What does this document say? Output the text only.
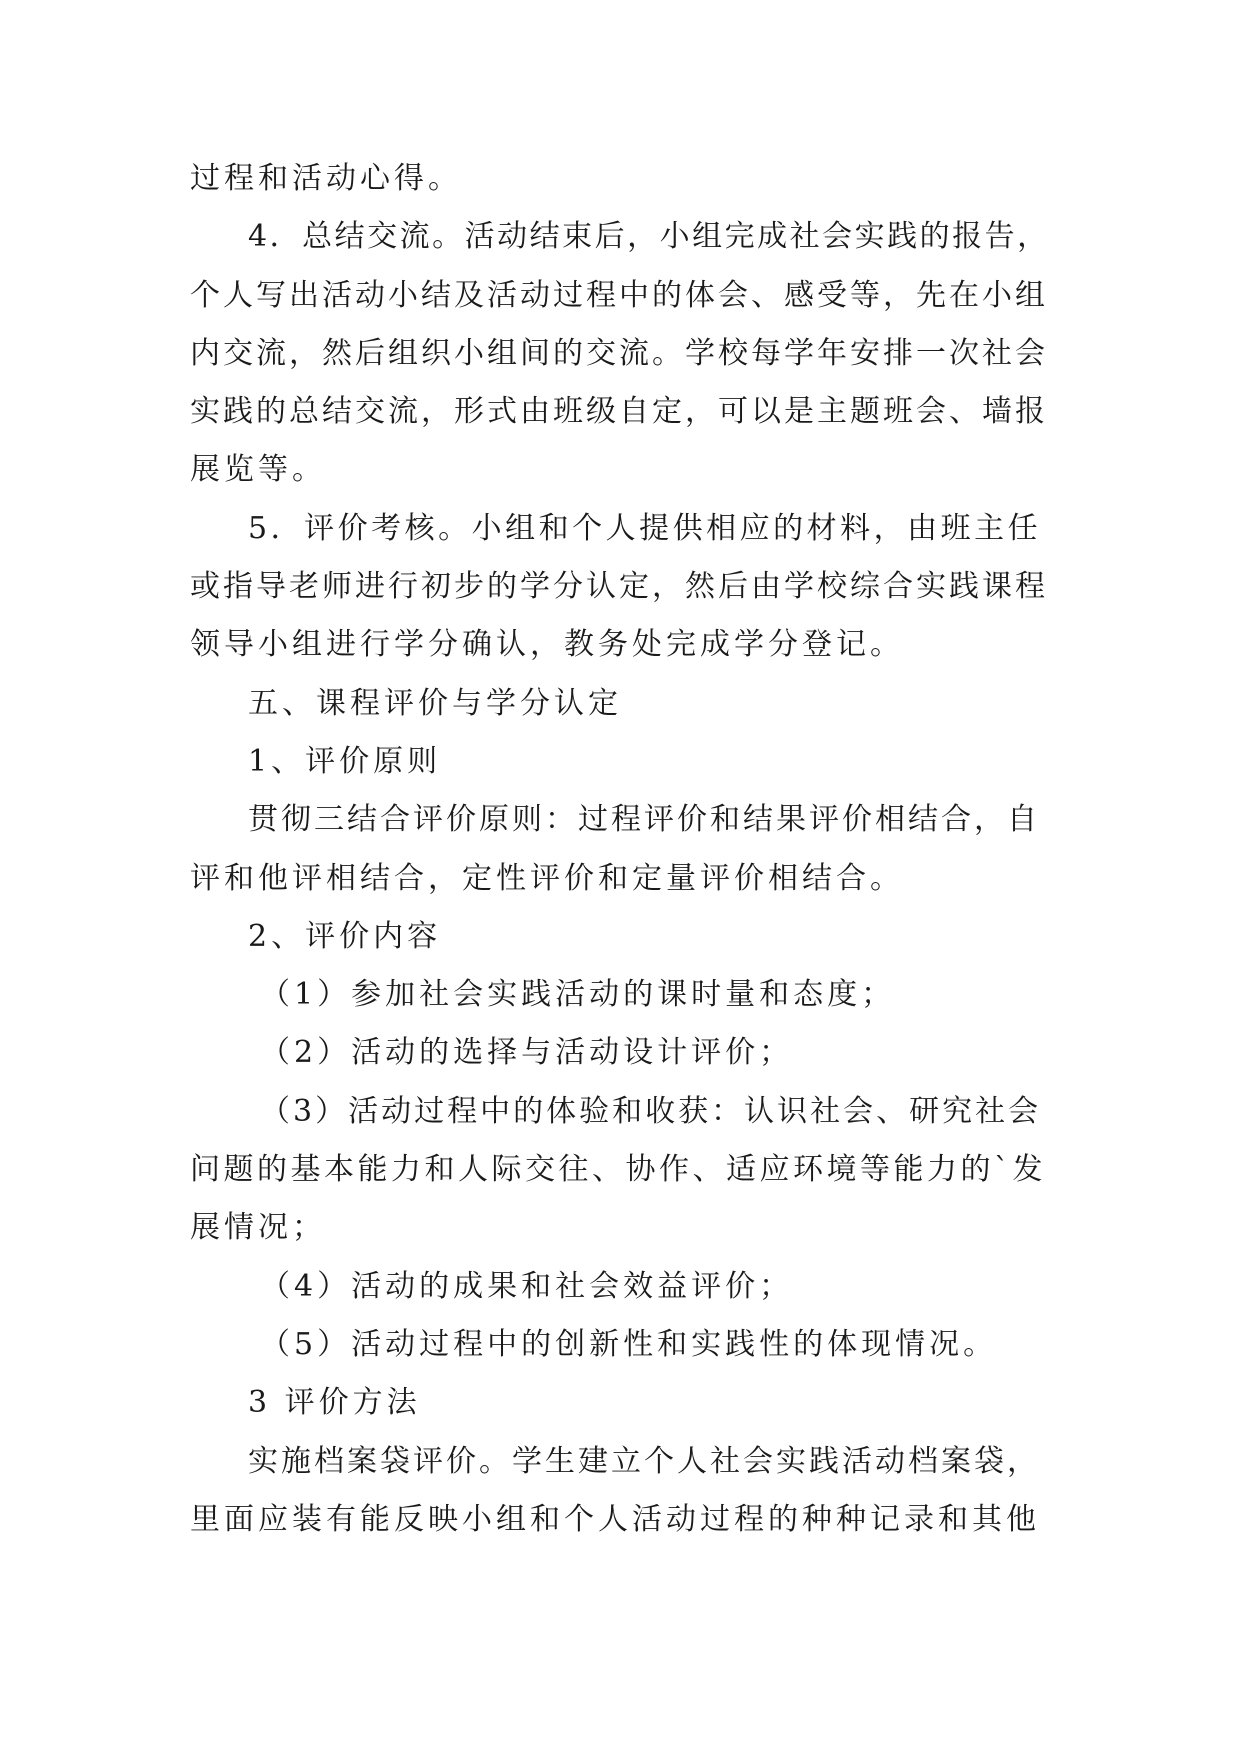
过程和活动心得。
4．总结交流。活动结束后，小组完成社会实践的报告，
个人写出活动小结及活动过程中的体会、感受等，先在小组
内交流，然后组织小组间的交流。学校每学年安排一次社会
实践的总结交流，形式由班级自定，可以是主题班会、墙报
展览等。
5．评价考核。小组和个人提供相应的材料，由班主任
或指导老师进行初步的学分认定，然后由学校综合实践课程
领导小组进行学分确认，教务处完成学分登记。
五、课程评价与学分认定
1、评价原则
贯彻三结合评价原则：过程评价和结果评价相结合，自
评和他评相结合，定性评价和定量评价相结合。
2、评价内容
（1）参加社会实践活动的课时量和态度；
（2）活动的选择与活动设计评价；
（3）活动过程中的体验和收获：认识社会、研究社会
问题的基本能力和人际交往、协作、适应环境等能力的`发
展情况；
（4）活动的成果和社会效益评价；
（5）活动过程中的创新性和实践性的体现情况。
3 评价方法
实施档案袋评价。学生建立个人社会实践活动档案袋，
里面应装有能反映小组和个人活动过程的种种记录和其他
